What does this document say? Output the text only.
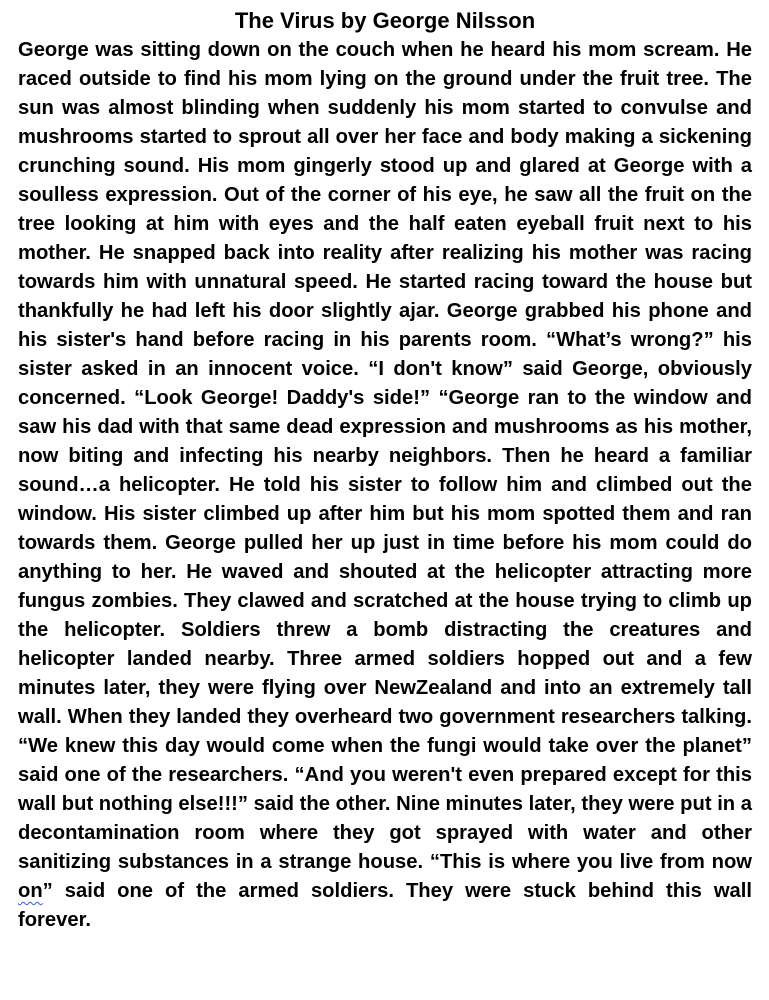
The Virus by George Nilsson

George was sitting down on the couch when he heard his mom scream. He raced outside to find his mom lying on the ground under the fruit tree. The sun was almost blinding when suddenly his mom started to convulse and mushrooms started to sprout all over her face and body making a sickening crunching sound. His mom gingerly stood up and glared at George with a soulless expression. Out of the corner of his eye, he saw all the fruit on the tree looking at him with eyes and the half eaten eyeball fruit next to his mother. He snapped back into reality after realizing his mother was racing towards him with unnatural speed. He started racing toward the house but thankfully he had left his door slightly ajar. George grabbed his phone and his sister's hand before racing in his parents room. “What’s wrong?” his sister asked in an innocent voice. “I don't know” said George, obviously concerned. “Look George! Daddy's side!” “George ran to the window and saw his dad with that same dead expression and mushrooms as his mother, now biting and infecting his nearby neighbors. Then he heard a familiar sound…a helicopter. He told his sister to follow him and climbed out the window. His sister climbed up after him but his mom spotted them and ran towards them. George pulled her up just in time before his mom could do anything to her. He waved and shouted at the helicopter attracting more fungus zombies. They clawed and scratched at the house trying to climb up the helicopter. Soldiers threw a bomb distracting the creatures and helicopter landed nearby. Three armed soldiers hopped out and a few minutes later, they were flying over NewZealand and into an extremely tall wall. When they landed they overheard two government researchers talking. “We knew this day would come when the fungi would take over the planet” said one of the researchers. “And you weren't even prepared except for this wall but nothing else!!!” said the other. Nine minutes later, they were put in a decontamination room where they got sprayed with water and other sanitizing substances in a strange house. “This is where you live from now on” said one of the armed soldiers. They were stuck behind this wall forever.
